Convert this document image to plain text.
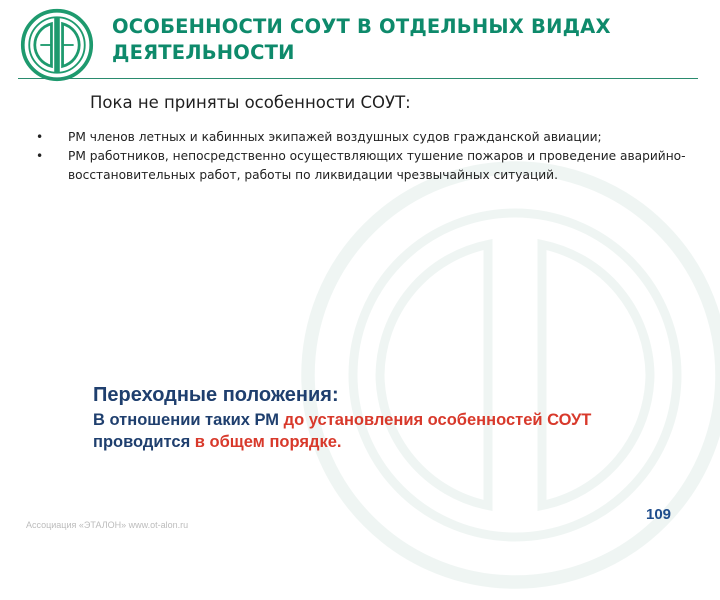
ОСОБЕННОСТИ СОУТ В ОТДЕЛЬНЫХ ВИДАХ
ДЕЯТЕЛЬНОСТИ
Пока не приняты особенности СОУТ:
• РМ членов летных и кабинных экипажей воздушных судов гражданской авиации;
• РМ работников, непосредственно осуществляющих тушение пожаров и проведение аварийно-восстановительных работ, работы по ликвидации чрезвычайных ситуаций.

Переходные положения:

В отношении таких РМ до установления особенностей СОУТ
проводится в общем порядке.

Ассоциация «ЭТАЛОН» www.ot-alon.ru
109
